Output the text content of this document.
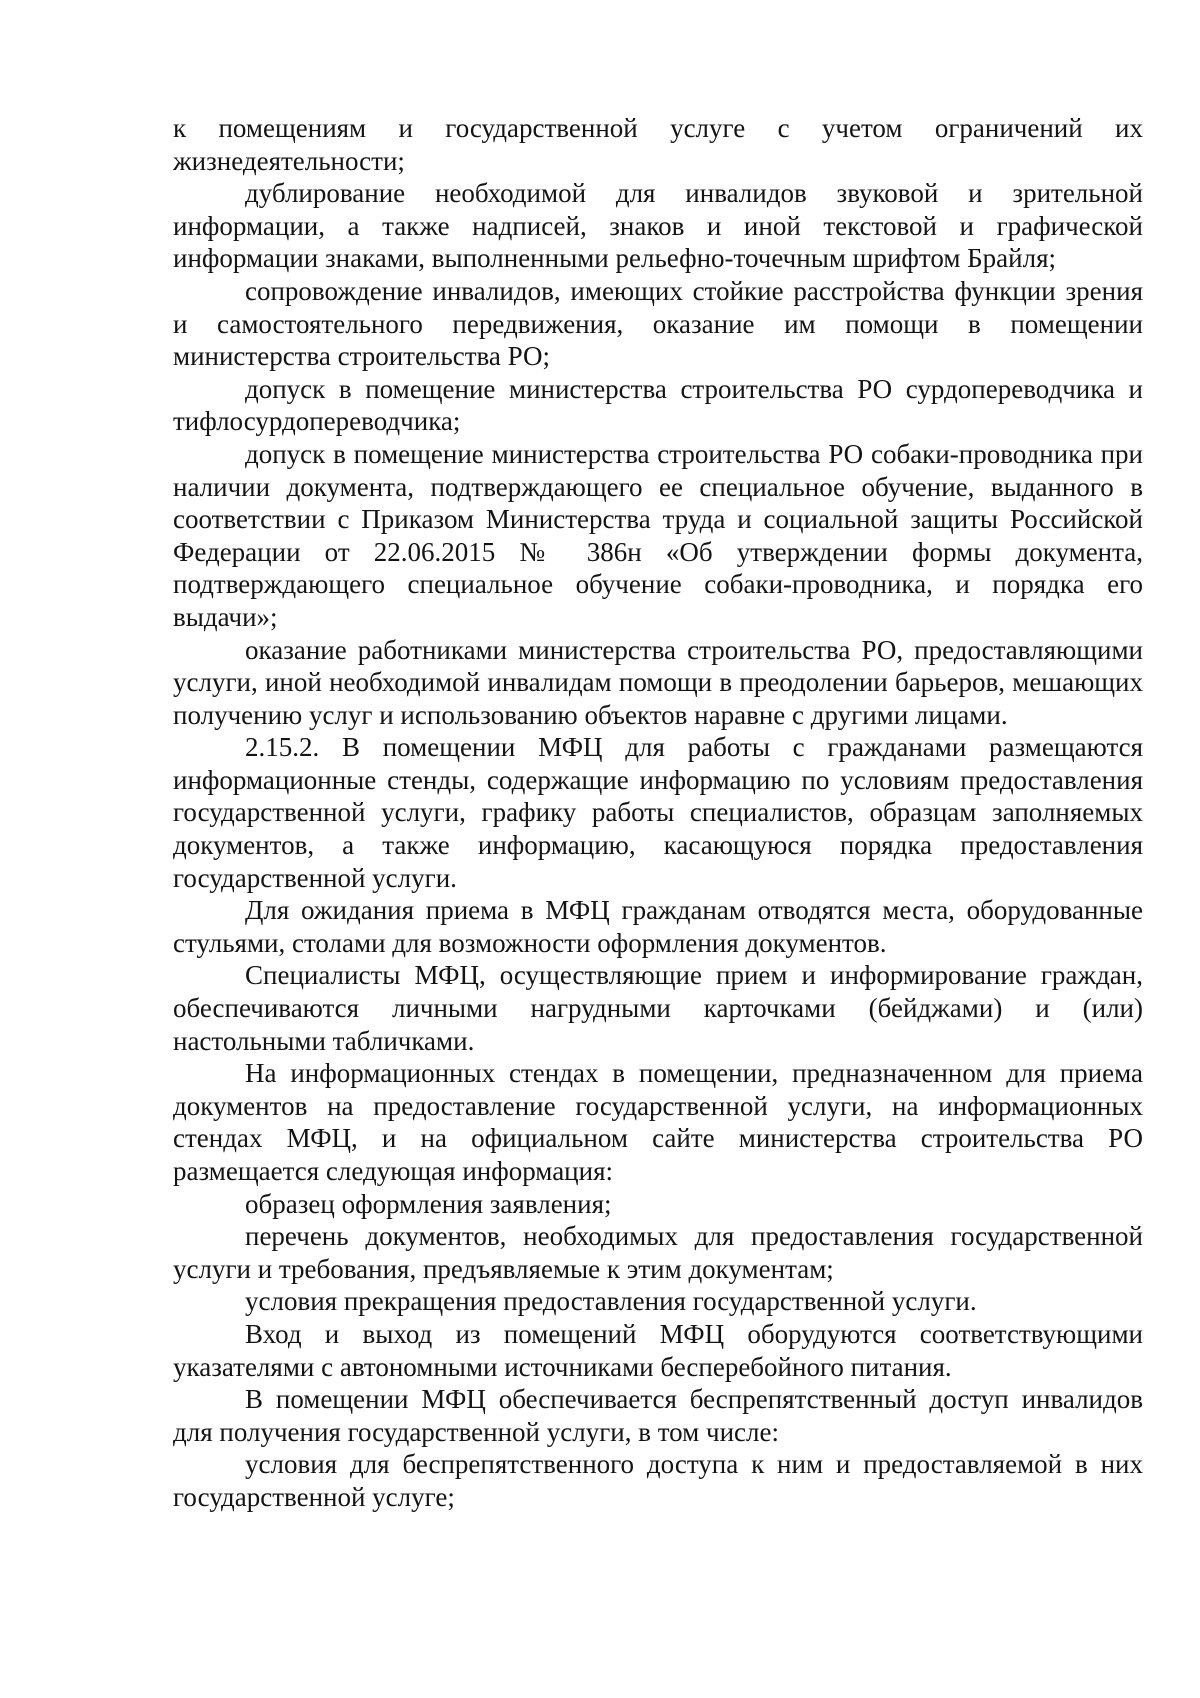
к помещениям и государственной услуге с учетом ограничений их жизнедеятельности;

дублирование необходимой для инвалидов звуковой и зрительной информации, а также надписей, знаков и иной текстовой и графической информации знаками, выполненными рельефно-точечным шрифтом Брайля;

сопровождение инвалидов, имеющих стойкие расстройства функции зрения и самостоятельного передвижения, оказание им помощи в помещении министерства строительства РО;

допуск в помещение министерства строительства РО сурдопереводчика и тифлосурдопереводчика;

допуск в помещение министерства строительства РО собаки-проводника при наличии документа, подтверждающего ее специальное обучение, выданного в соответствии с Приказом Министерства труда и социальной защиты Российской Федерации от 22.06.2015 № 386н «Об утверждении формы документа, подтверждающего специальное обучение собаки-проводника, и порядка его выдачи»;

оказание работниками министерства строительства РО, предоставляющими услуги, иной необходимой инвалидам помощи в преодолении барьеров, мешающих получению услуг и использованию объектов наравне с другими лицами.

2.15.2. В помещении МФЦ для работы с гражданами размещаются информационные стенды, содержащие информацию по условиям предоставления государственной услуги, графику работы специалистов, образцам заполняемых документов, а также информацию, касающуюся порядка предоставления государственной услуги.

Для ожидания приема в МФЦ гражданам отводятся места, оборудованные стульями, столами для возможности оформления документов.

Специалисты МФЦ, осуществляющие прием и информирование граждан, обеспечиваются личными нагрудными карточками (бейджами) и (или) настольными табличками.

На информационных стендах в помещении, предназначенном для приема документов на предоставление государственной услуги, на информационных стендах МФЦ, и на официальном сайте министерства строительства РО размещается следующая информация:

образец оформления заявления;

перечень документов, необходимых для предоставления государственной услуги и требования, предъявляемые к этим документам;

условия прекращения предоставления государственной услуги.

Вход и выход из помещений МФЦ оборудуются соответствующими указателями с автономными источниками бесперебойного питания.

В помещении МФЦ обеспечивается беспрепятственный доступ инвалидов для получения государственной услуги, в том числе:

условия для беспрепятственного доступа к ним и предоставляемой в них государственной услуге;
